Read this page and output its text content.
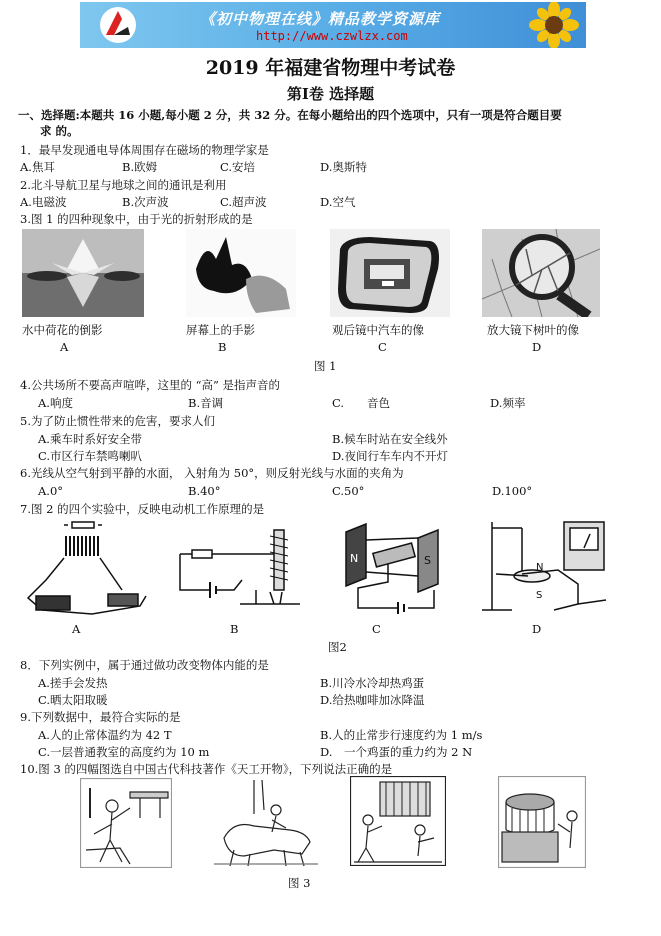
《初中物理在线》精品教学资源库
http://www.czwlzx.com
2019 年福建省物理中考试卷
第Ⅰ卷 选择题
一、选择题:本题共 16 小题,每小题 2 分，共 32 分。在每小题给出的四个选项中，只有一项是符合题目要
求 的。
1．最早发现通电导体周围存在磁场的物理学家是
A.焦耳	B.欧姆	C.安培	D.奥斯特
2.北斗导航卫星与地球之间的通讯是利用
A.电磁波	B.次声波	C.超声波	D.空气
3.图 1 的四种现象中，由于光的折射形成的是
水中荷花的倒影	屏幕上的手影	观后镜中汽车的像	放大镜下树叶的像
A	B	C	D
图 1
4.公共场所不要高声喧哗，这里的 “高” 是指声音的
A.响度	B.音调	C.　　音色	D.频率
5.为了防止惯性带来的危害，要求人们
A.乘车时系好安全带	B.候车时站在安全线外
C.市区行车禁鸣喇叭	D.夜间行车车内不开灯
6.光线从空气射到平静的水面， 入射角为 50°，则反射光线与水面的夹角为
A.0°	B.40°	C.50°	D.100°
7.图 2 的四个实验中，反映电动机工作原理的是
N	S
N
S
A	B	C	D
图2
8．下列实例中，属于通过做功改变物体内能的是
A.搓手会发热	B.川冷水冷却热鸡蛋
C.晒太阳取暖	D.给热咖啡加冰降温
9.下列数据中，最符合实际的是
A.人的止常体温约为 42 T	B.人的止常步行速度约为 1 m/s
C.一层普通教室的高度约为 10 m	D.　一个鸡蛋的重力约为 2 N
10.图 3 的四幅图选自中国古代科技著作《天工开物》，下列说法正确的是
图 3
